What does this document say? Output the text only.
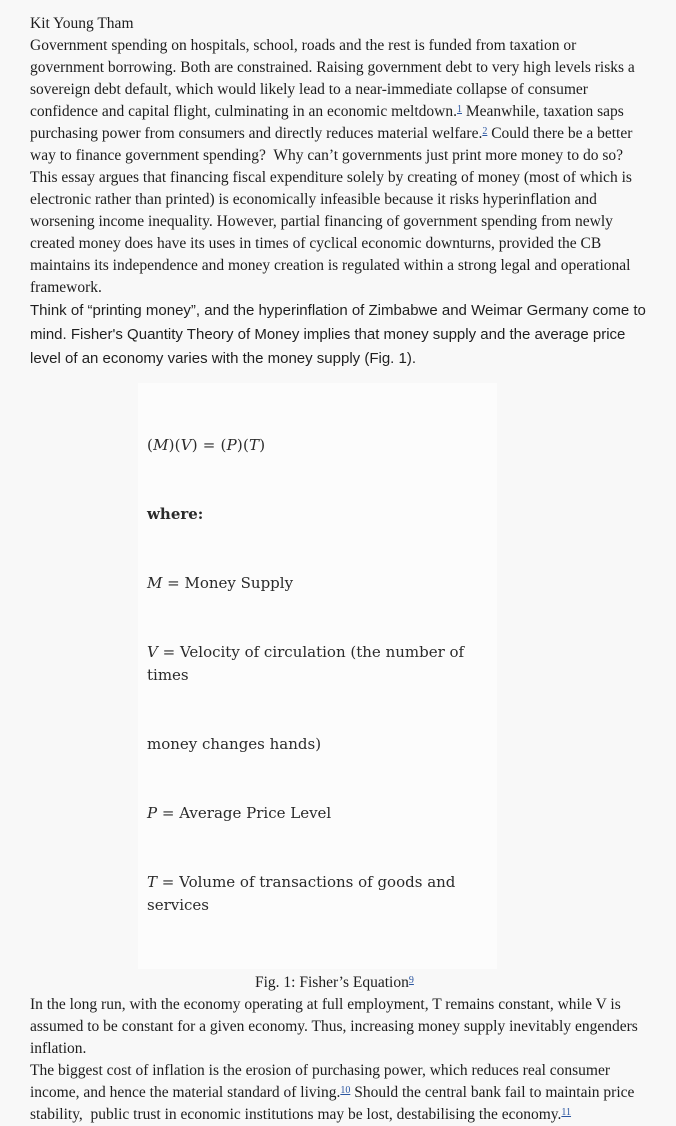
Kit Young Tham

Government spending on hospitals, school, roads and the rest is funded from taxation or government borrowing. Both are constrained. Raising government debt to very high levels risks a sovereign debt default, which would likely lead to a near-immediate collapse of consumer confidence and capital flight, culminating in an economic meltdown.$^1$ Meanwhile, taxation saps purchasing power from consumers and directly reduces material welfare.$^2$ Could there be a better way to finance government spending?  Why can’t governments just print more money to do so?

This essay argues that financing fiscal expenditure solely by creating of money (most of which is electronic rather than printed) is economically infeasible because it risks hyperinflation and worsening income inequality. However, partial financing of government spending from newly created money does have its uses in times of cyclical economic downturns, provided the CB maintains its independence and money creation is regulated within a strong legal and operational framework.

Think of “printing money”, and the hyperinflation of Zimbabwe and Weimar Germany come to mind. Fisher's Quantity Theory of Money implies that money supply and the average price level of an economy varies with the money supply (Fig. 1).

(M)(V) = (P)(T)

where:

M = Money Supply

V = Velocity of circulation (the number of times

money changes hands)

P = Average Price Level

T = Volume of transactions of goods and services

Fig. 1: Fisher’s Equation$^9$

In the long run, with the economy operating at full employment, T remains constant, while V is assumed to be constant for a given economy. Thus, increasing money supply inevitably engenders inflation.

The biggest cost of inflation is the erosion of purchasing power, which reduces real consumer income, and hence the material standard of living.$^{10}$ Should the central bank fail to maintain price stability,  public trust in economic institutions may be lost, destabilising the economy.$^{11}$
